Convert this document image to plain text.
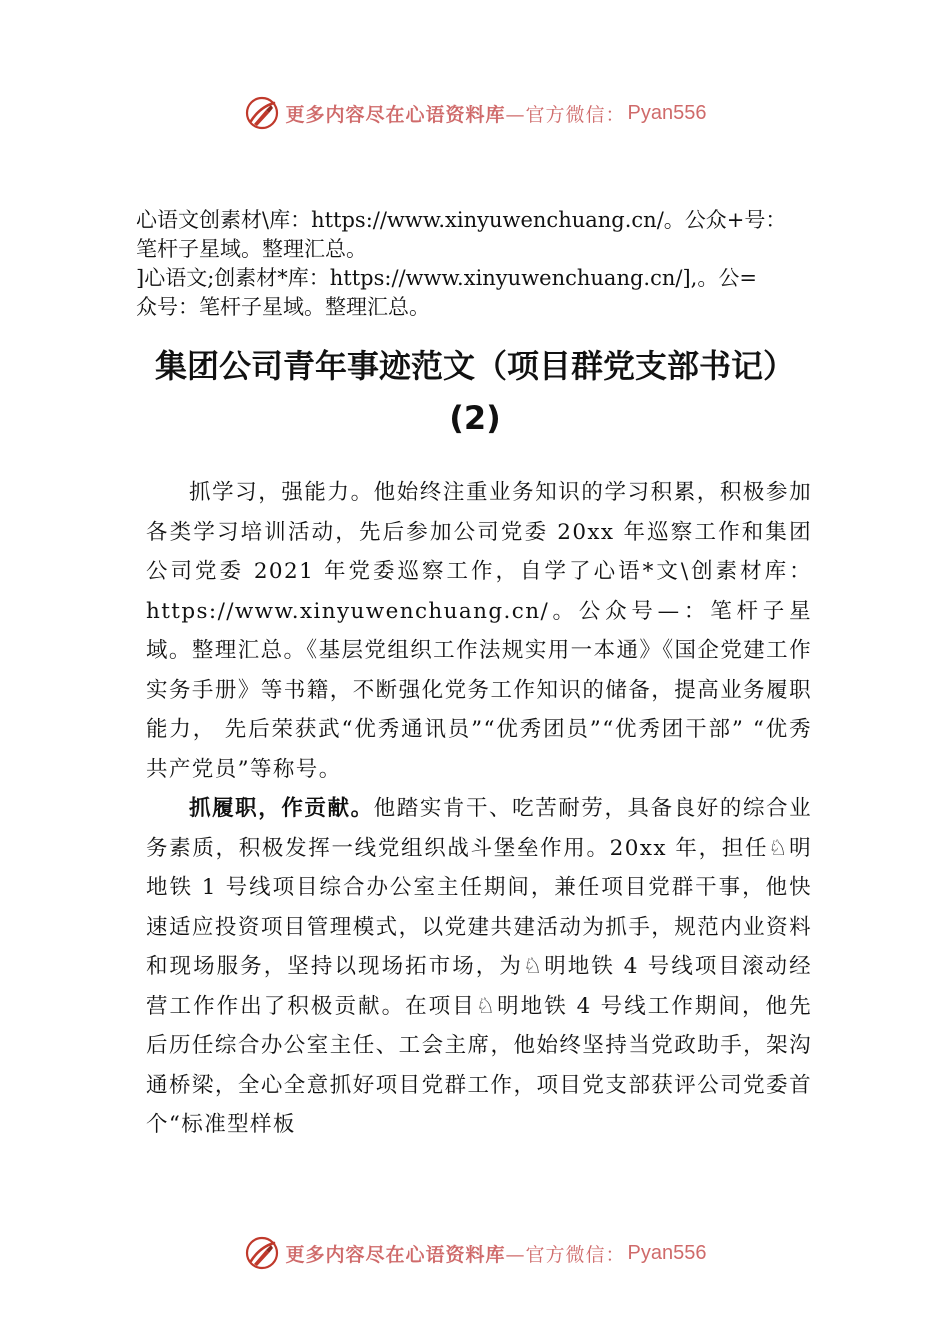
更多内容尽在心语资料库 —官方微信： Pyan556
心语文创素材\库：https://www.xinyuwenchuang.cn/。公众+号：
笔杆子星域。整理汇总。
]心语文;创素材*库：https://www.xinyuwenchuang.cn/],。公=
众号：笔杆子星域。整理汇总。
集团公司青年事迹范文（项目群党支部书记）
(2)

抓学习，强能力。他始终注重业务知识的学习积累，积极参加各类学习培训活动，先后参加公司党委 20xx 年巡察工作和集团公司党委 2021 年党委巡察工作，自学了心语*文\创素材库：https://www.xinyuwenchuang.cn/。公众号—：笔杆子星域。整理汇总。《基层党组织工作法规实用一本通》《国企党建工作实务手册》等书籍，不断强化党务工作知识的储备，提高业务履职能力， 先后荣获武“优秀通讯员”“优秀团员”“优秀团干部” “优秀共产党员”等称号。

抓履职，作贡献。他踏实肯干、吃苦耐劳，具备良好的综合业务素质，积极发挥一线党组织战斗堡垒作用。20xx 年，担任♘明地铁 1 号线项目综合办公室主任期间，兼任项目党群干事，他快速适应投资项目管理模式，以党建共建活动为抓手，规范内业资料和现场服务，坚持以现场拓市场，为♘明地铁 4 号线项目滚动经营工作作出了积极贡献。在项目♘明地铁 4 号线工作期间，他先后历任综合办公室主任、工会主席，他始终坚持当党政助手，架沟通桥梁，全心全意抓好项目党群工作，项目党支部获评公司党委首个“标准型样板

更多内容尽在心语资料库 —官方微信： Pyan556
